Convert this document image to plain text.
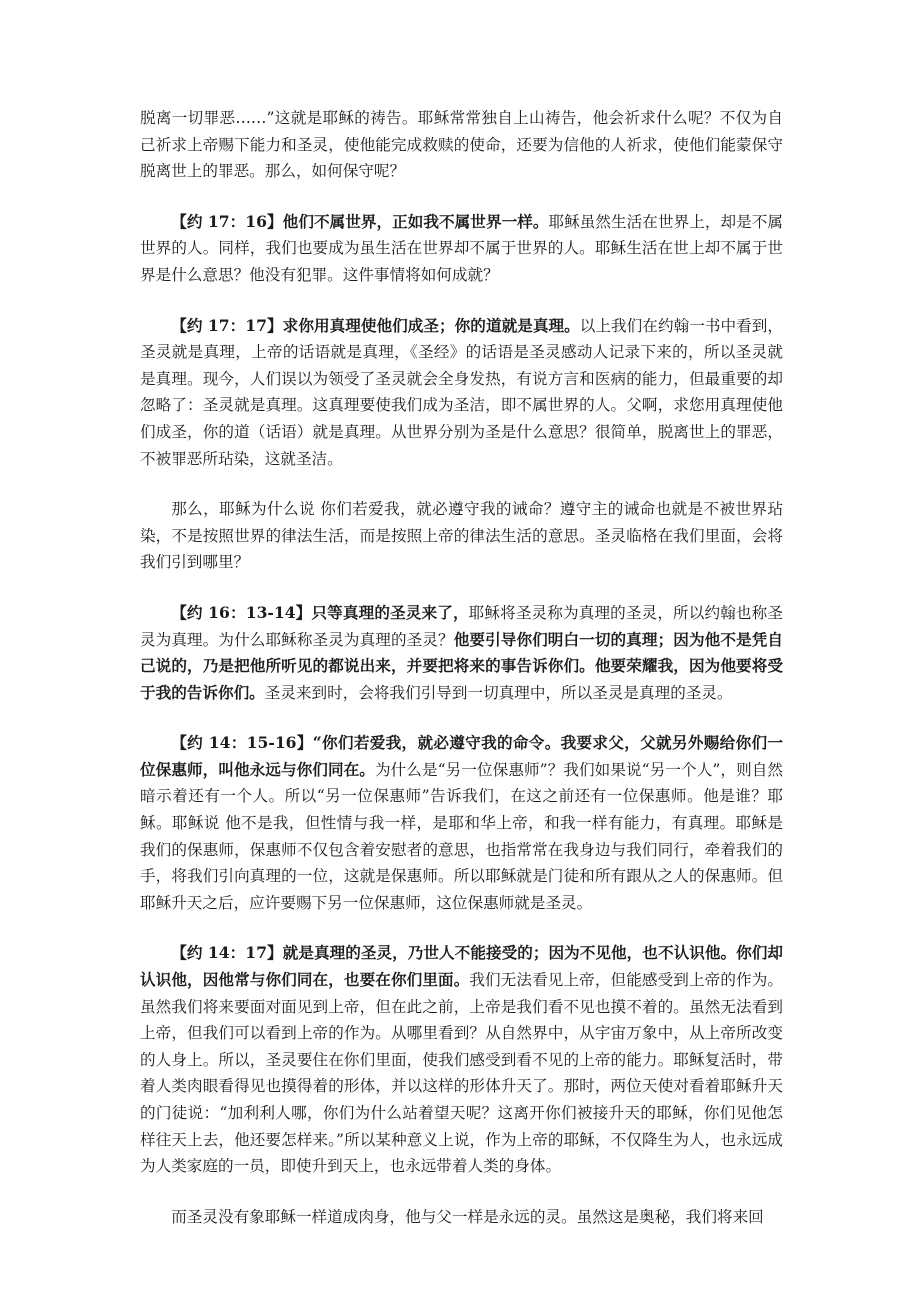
脱离一切罪恶……”这就是耶稣的祷告。耶稣常常独自上山祷告，他会祈求什么呢？不仅为自己祈求上帝赐下能力和圣灵，使他能完成救赎的使命，还要为信他的人祈求，使他们能蒙保守脱离世上的罪恶。那么，如何保守呢？

【约 17：16】他们不属世界，正如我不属世界一样。耶稣虽然生活在世界上，却是不属世界的人。同样，我们也要成为虽生活在世界却不属于世界的人。耶稣生活在世上却不属于世界是什么意思？他没有犯罪。这件事情将如何成就？

【约 17：17】求你用真理使他们成圣；你的道就是真理。以上我们在约翰一书中看到，圣灵就是真理，上帝的话语就是真理，《圣经》的话语是圣灵感动人记录下来的，所以圣灵就是真理。现今，人们误以为领受了圣灵就会全身发热，有说方言和医病的能力，但最重要的却忽略了：圣灵就是真理。这真理要使我们成为圣洁，即不属世界的人。父啊，求您用真理使他们成圣，你的道（话语）就是真理。从世界分别为圣是什么意思？很简单，脱离世上的罪恶，不被罪恶所玷染，这就圣洁。

那么，耶稣为什么说 你们若爱我，就必遵守我的诫命？遵守主的诫命也就是不被世界玷染，不是按照世界的律法生活，而是按照上帝的律法生活的意思。圣灵临格在我们里面，会将我们引到哪里？

【约 16：13-14】只等真理的圣灵来了，耶稣将圣灵称为真理的圣灵，所以约翰也称圣灵为真理。为什么耶稣称圣灵为真理的圣灵？他要引导你们明白一切的真理；因为他不是凭自己说的，乃是把他所听见的都说出来，并要把将来的事告诉你们。他要荣耀我，因为他要将受于我的告诉你们。圣灵来到时，会将我们引导到一切真理中，所以圣灵是真理的圣灵。

【约 14：15-16】“你们若爱我，就必遵守我的命令。我要求父，父就另外赐给你们一位保惠师，叫他永远与你们同在。为什么是“另一位保惠师”？我们如果说“另一个人”，则自然暗示着还有一个人。所以“另一位保惠师”告诉我们，在这之前还有一位保惠师。他是谁？耶稣。耶稣说 他不是我，但性情与我一样，是耶和华上帝，和我一样有能力，有真理。耶稣是我们的保惠师，保惠师不仅包含着安慰者的意思，也指常常在我身边与我们同行，牵着我们的手，将我们引向真理的一位，这就是保惠师。所以耶稣就是门徒和所有跟从之人的保惠师。但耶稣升天之后，应许要赐下另一位保惠师，这位保惠师就是圣灵。

【约 14：17】就是真理的圣灵，乃世人不能接受的；因为不见他，也不认识他。你们却认识他，因他常与你们同在，也要在你们里面。我们无法看见上帝，但能感受到上帝的作为。虽然我们将来要面对面见到上帝，但在此之前，上帝是我们看不见也摸不着的。虽然无法看到上帝，但我们可以看到上帝的作为。从哪里看到？从自然界中，从宇宙万象中，从上帝所改变的人身上。所以，圣灵要住在你们里面，使我们感受到看不见的上帝的能力。耶稣复活时，带着人类肉眼看得见也摸得着的形体，并以这样的形体升天了。那时，两位天使对看着耶稣升天的门徒说：“加利利人哪，你们为什么站着望天呢？这离开你们被接升天的耶稣，你们见他怎样往天上去，他还要怎样来。”所以某种意义上说，作为上帝的耶稣，不仅降生为人，也永远成为人类家庭的一员，即使升到天上，也永远带着人类的身体。

而圣灵没有象耶稣一样道成肉身，他与父一样是永远的灵。虽然这是奥秘，我们将来回
